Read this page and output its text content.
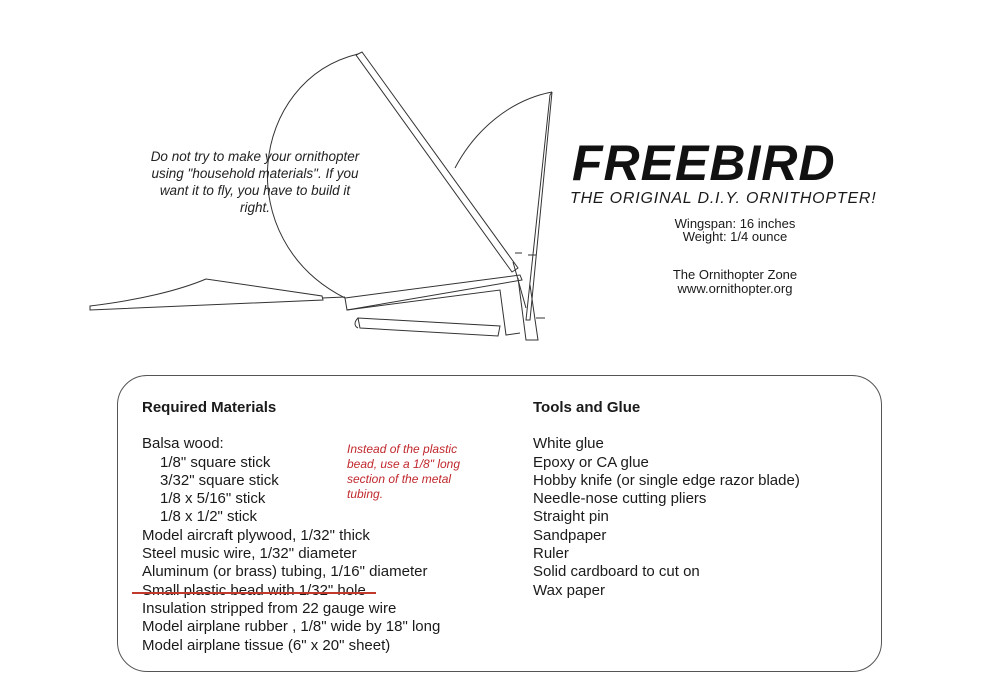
Do not try to make your ornithopter using "household materials". If you want it to fly, you have to build it right.
FREEBIRD
THE ORIGINAL D.I.Y. ORNITHOPTER!
Wingspan: 16 inches
Weight: 1/4 ounce
The Ornithopter Zone
www.ornithopter.org
Required Materials
Balsa wood:
1/8" square stick
3/32" square stick
1/8 x 5/16" stick
1/8 x 1/2" stick
Model aircraft plywood, 1/32" thick
Steel music wire, 1/32" diameter
Aluminum (or brass) tubing, 1/16" diameter
Small plastic bead with 1/32" hole
Insulation stripped from 22 gauge wire
Model airplane rubber , 1/8" wide by 18" long
Model airplane tissue (6" x 20" sheet)
Instead of the plastic bead, use a 1/8" long section of the metal tubing.
Tools and Glue
White glue
Epoxy or CA glue
Hobby knife (or single edge razor blade)
Needle-nose cutting pliers
Straight pin
Sandpaper
Ruler
Solid cardboard to cut on
Wax paper
